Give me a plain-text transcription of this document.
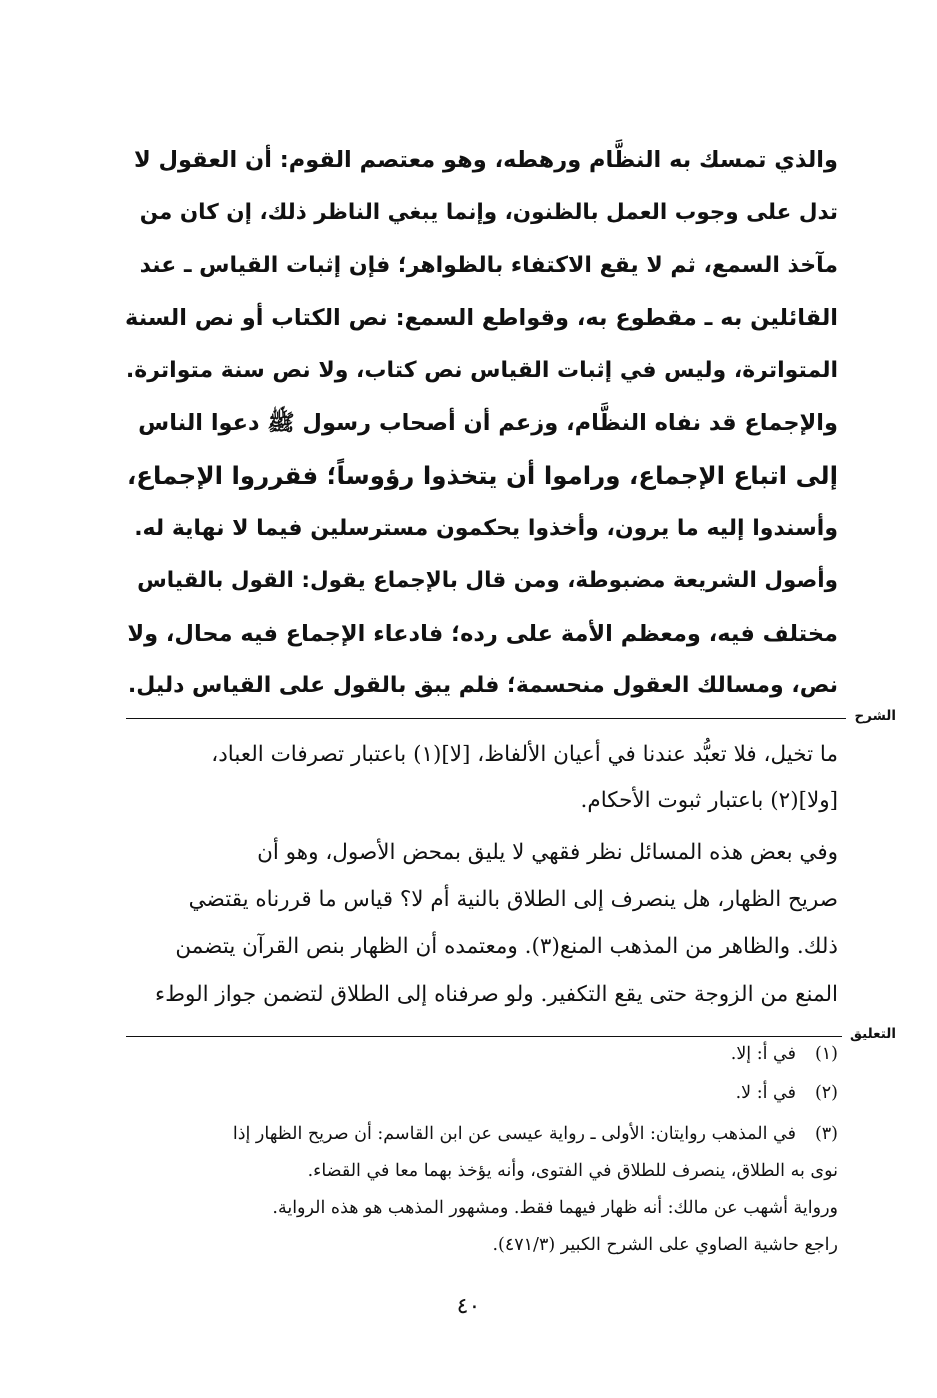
والذي تمسك به النظَّام ورهطه، وهو معتصم القوم: أن العقول لا
تدل على وجوب العمل بالظنون، وإنما يبغي الناظر ذلك، إن كان من
مآخذ السمع، ثم لا يقع الاكتفاء بالظواهر؛ فإن إثبات القياس ـ عند
القائلين به ـ مقطوع به، وقواطع السمع: نص الكتاب أو نص السنة
المتواترة، وليس في إثبات القياس نص كتاب، ولا نص سنة متواترة.
والإجماع قد نفاه النظَّام، وزعم أن أصحاب رسول ﷺ دعوا الناس
إلى اتباع الإجماع، وراموا أن يتخذوا رؤوساً؛ فقرروا الإجماع،
وأسندوا إليه ما يرون، وأخذوا يحكمون مسترسلين فيما لا نهاية له.
وأصول الشريعة مضبوطة، ومن قال بالإجماع يقول: القول بالقياس
مختلف فيه، ومعظم الأمة على رده؛ فادعاء الإجماع فيه محال، ولا
نص، ومسالك العقول منحسمة؛ فلم يبق بالقول على القياس دليل.
الشرح
ما تخيل، فلا تعبُّد عندنا في أعيان الألفاظ، [لا](١) باعتبار تصرفات العباد،
[ولا](٢) باعتبار ثبوت الأحكام.
وفي بعض هذه المسائل نظر فقهي لا يليق بمحض الأصول، وهو أن
صريح الظهار، هل ينصرف إلى الطلاق بالنية أم لا؟ قياس ما قررناه يقتضي
ذلك. والظاهر من المذهب المنع(٣). ومعتمده أن الظهار بنص القرآن يتضمن
المنع من الزوجة حتى يقع التكفير. ولو صرفناه إلى الطلاق لتضمن جواز الوطء
التعليق
(١)
في أ: إلا.
(٢)
في أ: لا.
(٣)
في المذهب روايتان: الأولى ـ رواية عيسى عن ابن القاسم: أن صريح الظهار إذا
نوى به الطلاق، ينصرف للطلاق في الفتوى، وأنه يؤخذ بهما معا في القضاء.
ورواية أشهب عن مالك: أنه ظهار فيهما فقط. ومشهور المذهب هو هذه الرواية.
راجع حاشية الصاوي على الشرح الكبير (٤٧١/٣).
٤٠
